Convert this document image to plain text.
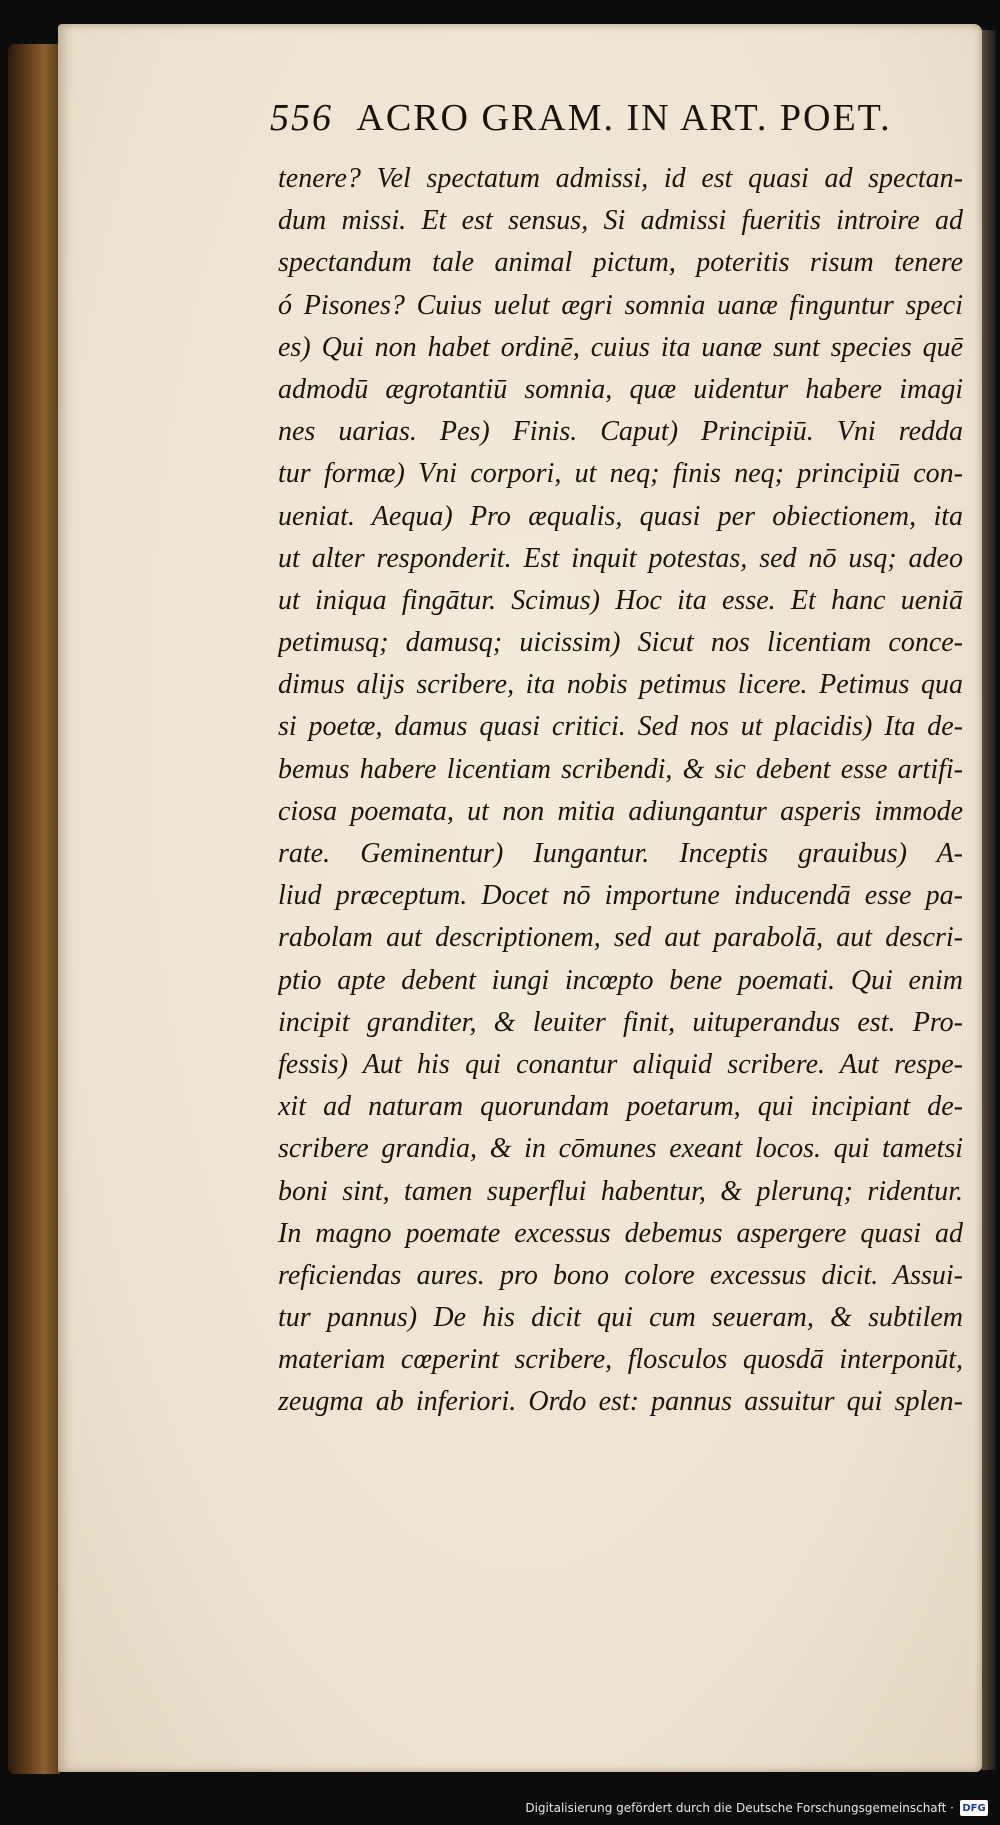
556 ACRO GRAM. IN ART. POET.
tenere? Vel spectatum admissi, id est quasi ad spectan-
dum missi. Et est sensus, Si admissi fueritis introire ad
spectandum tale animal pictum, poteritis risum tenere
ó Pisones? Cuius uelut ægri somnia uanæ finguntur speci
es) Qui non habet ordinē, cuius ita uanæ sunt species quē
admodū ægrotantiū somnia, quæ uidentur habere imagi
nes uarias. Pes) Finis. Caput) Principiū. Vni redda
tur formæ) Vni corpori, ut neq; finis neq; principiū con-
ueniat. Aequa) Pro æqualis, quasi per obiectionem, ita
ut alter responderit. Est inquit potestas, sed nō usq; adeo
ut iniqua fingātur. Scimus) Hoc ita esse. Et hanc ueniā
petimusq; damusq; uicissim) Sicut nos licentiam conce-
dimus alijs scribere, ita nobis petimus licere. Petimus qua
si poetæ, damus quasi critici. Sed nos ut placidis) Ita de-
bemus habere licentiam scribendi, & sic debent esse artifi-
ciosa poemata, ut non mitia adiungantur asperis immode
rate. Geminentur) Iungantur. Inceptis grauibus) A-
liud præceptum. Docet nō importune inducendā esse pa-
rabolam aut descriptionem, sed aut parabolā, aut descri-
ptio apte debent iungi incœpto bene poemati. Qui enim
incipit granditer, & leuiter finit, uituperandus est. Pro-
fessis) Aut his qui conantur aliquid scribere. Aut respe-
xit ad naturam quorundam poetarum, qui incipiant de-
scribere grandia, & in cōmunes exeant locos. qui tametsi
boni sint, tamen superflui habentur, & plerunq; ridentur.
In magno poemate excessus debemus aspergere quasi ad
reficiendas aures. pro bono colore excessus dicit. Assui-
tur pannus) De his dicit qui cum seueram, & subtilem
materiam cœperint scribere, flosculos quosdā interponūt,
zeugma ab inferiori. Ordo est: pannus assuitur qui splen-
Digitalisierung gefördert durch die Deutsche Forschungsgemeinschaft · DFG
